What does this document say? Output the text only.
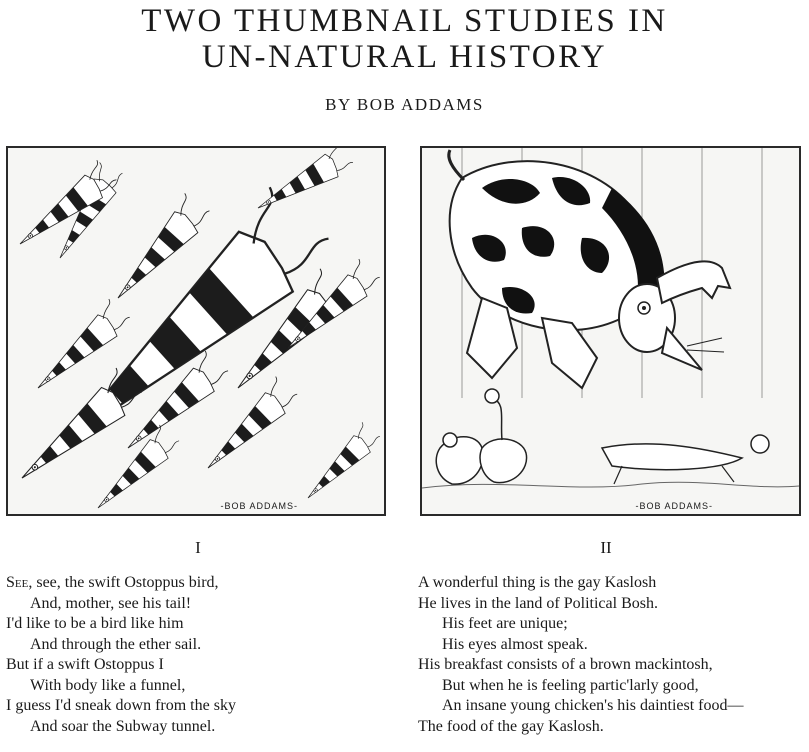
TWO THUMBNAIL STUDIES IN
UN-NATURAL HISTORY
BY BOB ADDAMS
-BOB ADDAMS-	-BOB ADDAMS-
I	II
See, see, the swift Ostoppus bird,
And, mother, see his tail!
I'd like to be a bird like him
And through the ether sail.
But if a swift Ostoppus I
With body like a funnel,
I guess I'd sneak down from the sky
And soar the Subway tunnel.
A wonderful thing is the gay Kaslosh
He lives in the land of Political Bosh.
His feet are unique;
His eyes almost speak.
His breakfast consists of a brown mackintosh,
But when he is feeling partic'larly good,
An insane young chicken's his daintiest food—
The food of the gay Kaslosh.
